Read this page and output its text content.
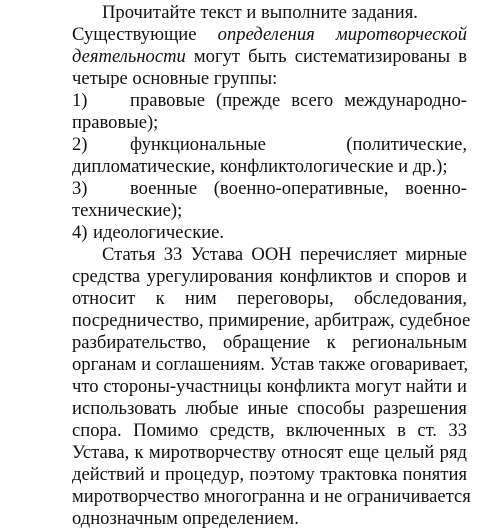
Прочитайте текст и выполните задания.
Существующие определения миротворческой
деятельности могут быть систематизированы в
четыре основные группы:
1)	правовые (прежде всего международно-
правовые);
2)	функциональные (политические,
дипломатические, конфликтологические и др.);
3)	военные (военно-оперативные, военно-
технические);
4) идеологические.
Статья 33 Устава ООН перечисляет мирные
средства урегулирования конфликтов и споров и
относит к ним переговоры, обследования,
посредничество, примирение, арбитраж, судебное
разбирательство, обращение к региональным
органам и соглашениям. Устав также оговаривает,
что стороны-участницы конфликта могут найти и
использовать любые иные способы разрешения
спора. Помимо средств, включенных в ст. 33
Устава, к миротворчеству относят еще целый ряд
действий и процедур, поэтому трактовка понятия
миротворчество многогранна и не ограничивается
однозначным определением.
